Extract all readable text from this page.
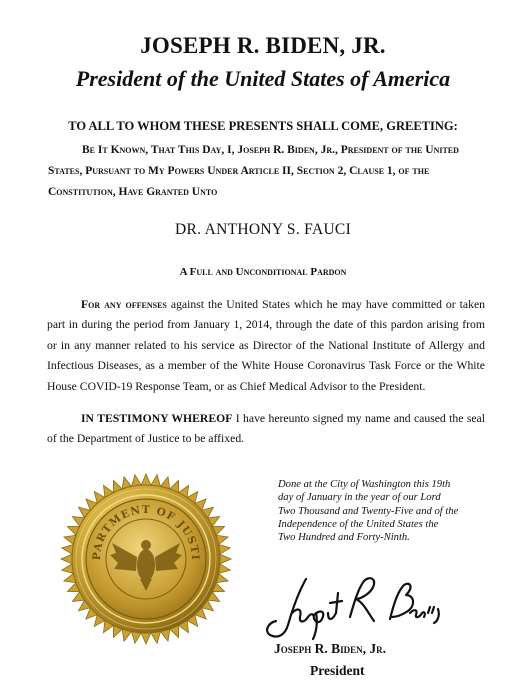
JOSEPH R. BIDEN, JR.
President of the United States of America
TO ALL TO WHOM THESE PRESENTS SHALL COME, GREETING:
Be It Known, That This Day, I, Joseph R. Biden, Jr., President of the United
States, Pursuant to My Powers Under Article II, Section 2, Clause 1, of the
Constitution, Have Granted Unto
DR. ANTHONY S. FAUCI
A Full and Unconditional Pardon
For any offenses against the United States which he may have committed or taken part in during the period from January 1, 2014, through the date of this pardon arising from or in any manner related to his service as Director of the National Institute of Allergy and Infectious Diseases, as a member of the White House Coronavirus Task Force or the White House COVID-19 Response Team, or as Chief Medical Advisor to the President.
IN TESTIMONY WHEREOF I have hereunto signed my name and caused the seal of the Department of Justice to be affixed.
PARTMENT OF JUSTI
Done at the City of Washington this 19th
day of January in the year of our Lord
Two Thousand and Twenty-Five and of the
Independence of the United States the
Two Hundred and Forty-Ninth.
Joseph R. Biden, Jr.
President
